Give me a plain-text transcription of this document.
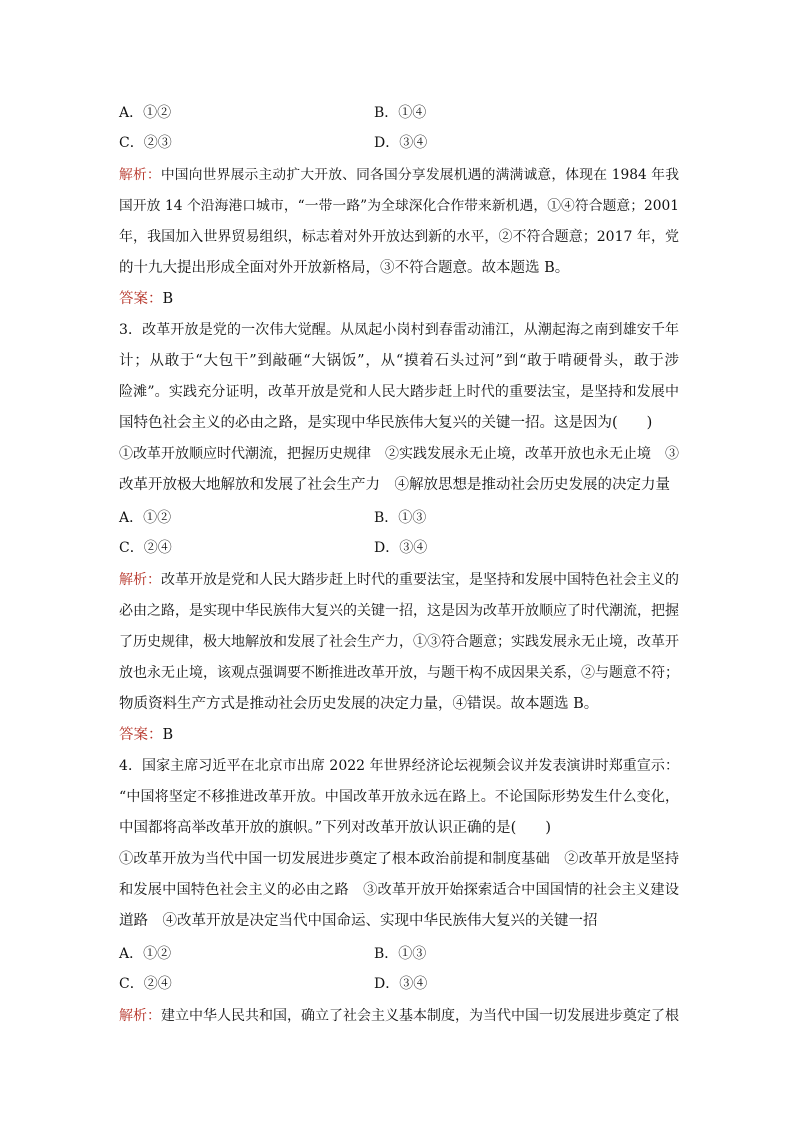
A．①②	B．①④
C．②③	D．③④
解析：中国向世界展示主动扩大开放、同各国分享发展机遇的满满诚意，体现在 1984 年我
国开放 14 个沿海港口城市，“一带一路”为全球深化合作带来新机遇，①④符合题意；2001
年，我国加入世界贸易组织，标志着对外开放达到新的水平，②不符合题意；2017 年，党
的十九大提出形成全面对外开放新格局，③不符合题意。故本题选 B。
答案：B
3．改革开放是党的一次伟大觉醒。从凤起小岗村到春雷动浦江，从潮起海之南到雄安千年
计；从敢于“大包干”到敲砸“大锅饭”，从“摸着石头过河”到“敢于啃硬骨头，敢于涉
险滩”。实践充分证明，改革开放是党和人民大踏步赶上时代的重要法宝，是坚持和发展中
国特色社会主义的必由之路，是实现中华民族伟大复兴的关键一招。这是因为(　　)
①改革开放顺应时代潮流，把握历史规律　②实践发展永无止境，改革开放也永无止境　③
改革开放极大地解放和发展了社会生产力　④解放思想是推动社会历史发展的决定力量
A．①②	B．①③
C．②④	D．③④
解析：改革开放是党和人民大踏步赶上时代的重要法宝，是坚持和发展中国特色社会主义的
必由之路，是实现中华民族伟大复兴的关键一招，这是因为改革开放顺应了时代潮流，把握
了历史规律，极大地解放和发展了社会生产力，①③符合题意；实践发展永无止境，改革开
放也永无止境，该观点强调要不断推进改革开放，与题干构不成因果关系，②与题意不符；
物质资料生产方式是推动社会历史发展的决定力量，④错误。故本题选 B。
答案：B
4．国家主席习近平在北京市出席 2022 年世界经济论坛视频会议并发表演讲时郑重宣示：
“中国将坚定不移推进改革开放。中国改革开放永远在路上。不论国际形势发生什么变化，
中国都将高举改革开放的旗帜。”下列对改革开放认识正确的是(　　)
①改革开放为当代中国一切发展进步奠定了根本政治前提和制度基础　②改革开放是坚持
和发展中国特色社会主义的必由之路　③改革开放开始探索适合中国国情的社会主义建设
道路　④改革开放是决定当代中国命运、实现中华民族伟大复兴的关键一招
A．①②	B．①③
C．②④	D．③④
解析：建立中华人民共和国，确立了社会主义基本制度，为当代中国一切发展进步奠定了根
